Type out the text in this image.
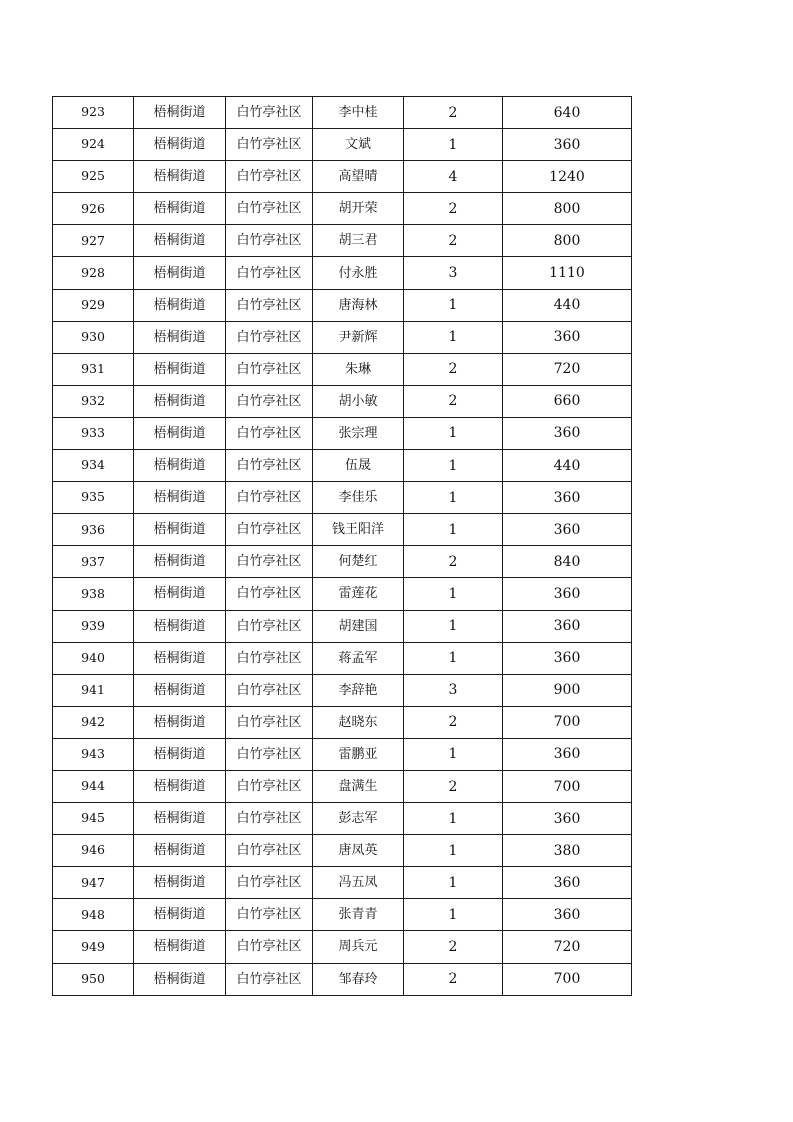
923	梧桐街道	白竹亭社区	李中桂	2	640
924	梧桐街道	白竹亭社区	文斌	1	360
925	梧桐街道	白竹亭社区	高望晴	4	1240
926	梧桐街道	白竹亭社区	胡开荣	2	800
927	梧桐街道	白竹亭社区	胡三君	2	800
928	梧桐街道	白竹亭社区	付永胜	3	1110
929	梧桐街道	白竹亭社区	唐海林	1	440
930	梧桐街道	白竹亭社区	尹新辉	1	360
931	梧桐街道	白竹亭社区	朱琳	2	720
932	梧桐街道	白竹亭社区	胡小敏	2	660
933	梧桐街道	白竹亭社区	张宗理	1	360
934	梧桐街道	白竹亭社区	伍晟	1	440
935	梧桐街道	白竹亭社区	李佳乐	1	360
936	梧桐街道	白竹亭社区	钱王阳洋	1	360
937	梧桐街道	白竹亭社区	何楚红	2	840
938	梧桐街道	白竹亭社区	雷莲花	1	360
939	梧桐街道	白竹亭社区	胡建国	1	360
940	梧桐街道	白竹亭社区	蒋孟军	1	360
941	梧桐街道	白竹亭社区	李辞艳	3	900
942	梧桐街道	白竹亭社区	赵晓东	2	700
943	梧桐街道	白竹亭社区	雷鹏亚	1	360
944	梧桐街道	白竹亭社区	盘满生	2	700
945	梧桐街道	白竹亭社区	彭志军	1	360
946	梧桐街道	白竹亭社区	唐凤英	1	380
947	梧桐街道	白竹亭社区	冯五凤	1	360
948	梧桐街道	白竹亭社区	张青青	1	360
949	梧桐街道	白竹亭社区	周兵元	2	720
950	梧桐街道	白竹亭社区	邹春玲	2	700
